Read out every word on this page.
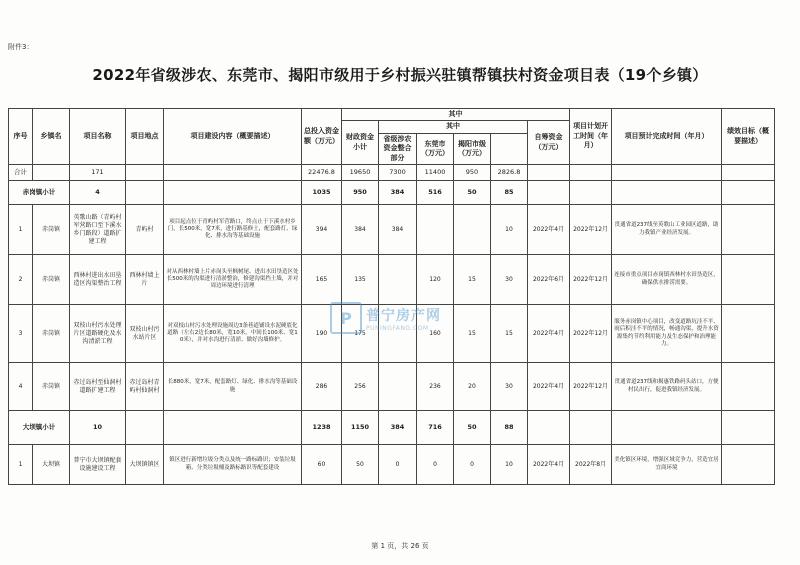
附件3：
2022年省级涉农、东莞市、揭阳市级用于乡村振兴驻镇帮镇扶村资金项目表（19个乡镇）
序号	乡镇名	项目名称	项目地点	项目建设内容（概要描述）	总投入资金额（万元）	其中						项目计划开工时间（年月）	项目预计完成时间（年月）	绩效目标（概要描述）	
						财政资金小计	其中				自筹资金（万元）				
							省级涉农资金整合部分	东莞市（万元）	揭阳市级（万元）						
合计		171			22476.8	19650	7300	11400	950	2826.8					
赤岗镇小计		4			1035	950	384	516	50	85					
1	赤岗镇	英歌山路（青屿村军营路口至下溪水乡门路段）道路扩建工程	青屿村	项目起点位于青屿村军营路口，终点止于下溪水村乡门，长500米，宽7米，进行路基修土，配套路灯、绿化、排水沟等基础设施	394	384	384			10	2022年4月	2022年12月	贯通省道237线至英歌山工业园区道路，助力我镇产业经济发展。		
2	赤岗镇	西林村进出水田垦造区沟渠整治工程	西林村墙上片	对从西林村墙上片赤岗头至枫树尾、进出水田垦造区处长500米的沟渠进行清淤整治，修建沟渠挡土墙，并对周边环境进行清理	165	135		120	15	30	2022年6月	2022年12月	连接市重点项目赤岗镇西林村水田垦造区，确保供水排涝需要。		
3	赤岗镇	双枝山村污水处理片区道路硬化及水沟清淤工程	双枝山村污水站片区	对双枝山村污水处理设施周边3条巷道铺设水泥硬底化道路（左右2边长80米，宽10米，中间长100米、宽10米），并对水沟进行清淤、做好沟墙修护。	190	175		160	15	15	2022年4月	2022年12月	服务赤岗镇中心项目，改变道路坑洼不平、雨后积洼不平的情况，畅通沟渠，提升水资源集约节约利用能力及生态保护和治理能力。		
4	赤岗镇	赤过岛村至仙洞村道路扩建工程	赤过岛村青屿村仙洞村	长880米，宽7米，配套路灯、绿化、排水沟等基础设施	286	256		236	20	30	2022年4月	2022年12月	贯通省道237线和揭惠铁路码头站口，方便村民出行，促进我镇经济发展。		
大坝镇小计		10			1238	1150	384	716	50	88					
1	大坝镇	普宁市大坝镇配套设施建设工程	大坝镇镇区	镇区进行新增垃圾分类点及统一路标路识；安装垃圾箱、分类垃圾桶及路标路识等配套建设	60	50	0	0	0	10	2022年4月	2022年8月	美化镇区环境，增强区域竞争力，营造宜居宜商环境		
P	普宁房产网
PUNINGFANG.COM
第 1 页，共 26 页
